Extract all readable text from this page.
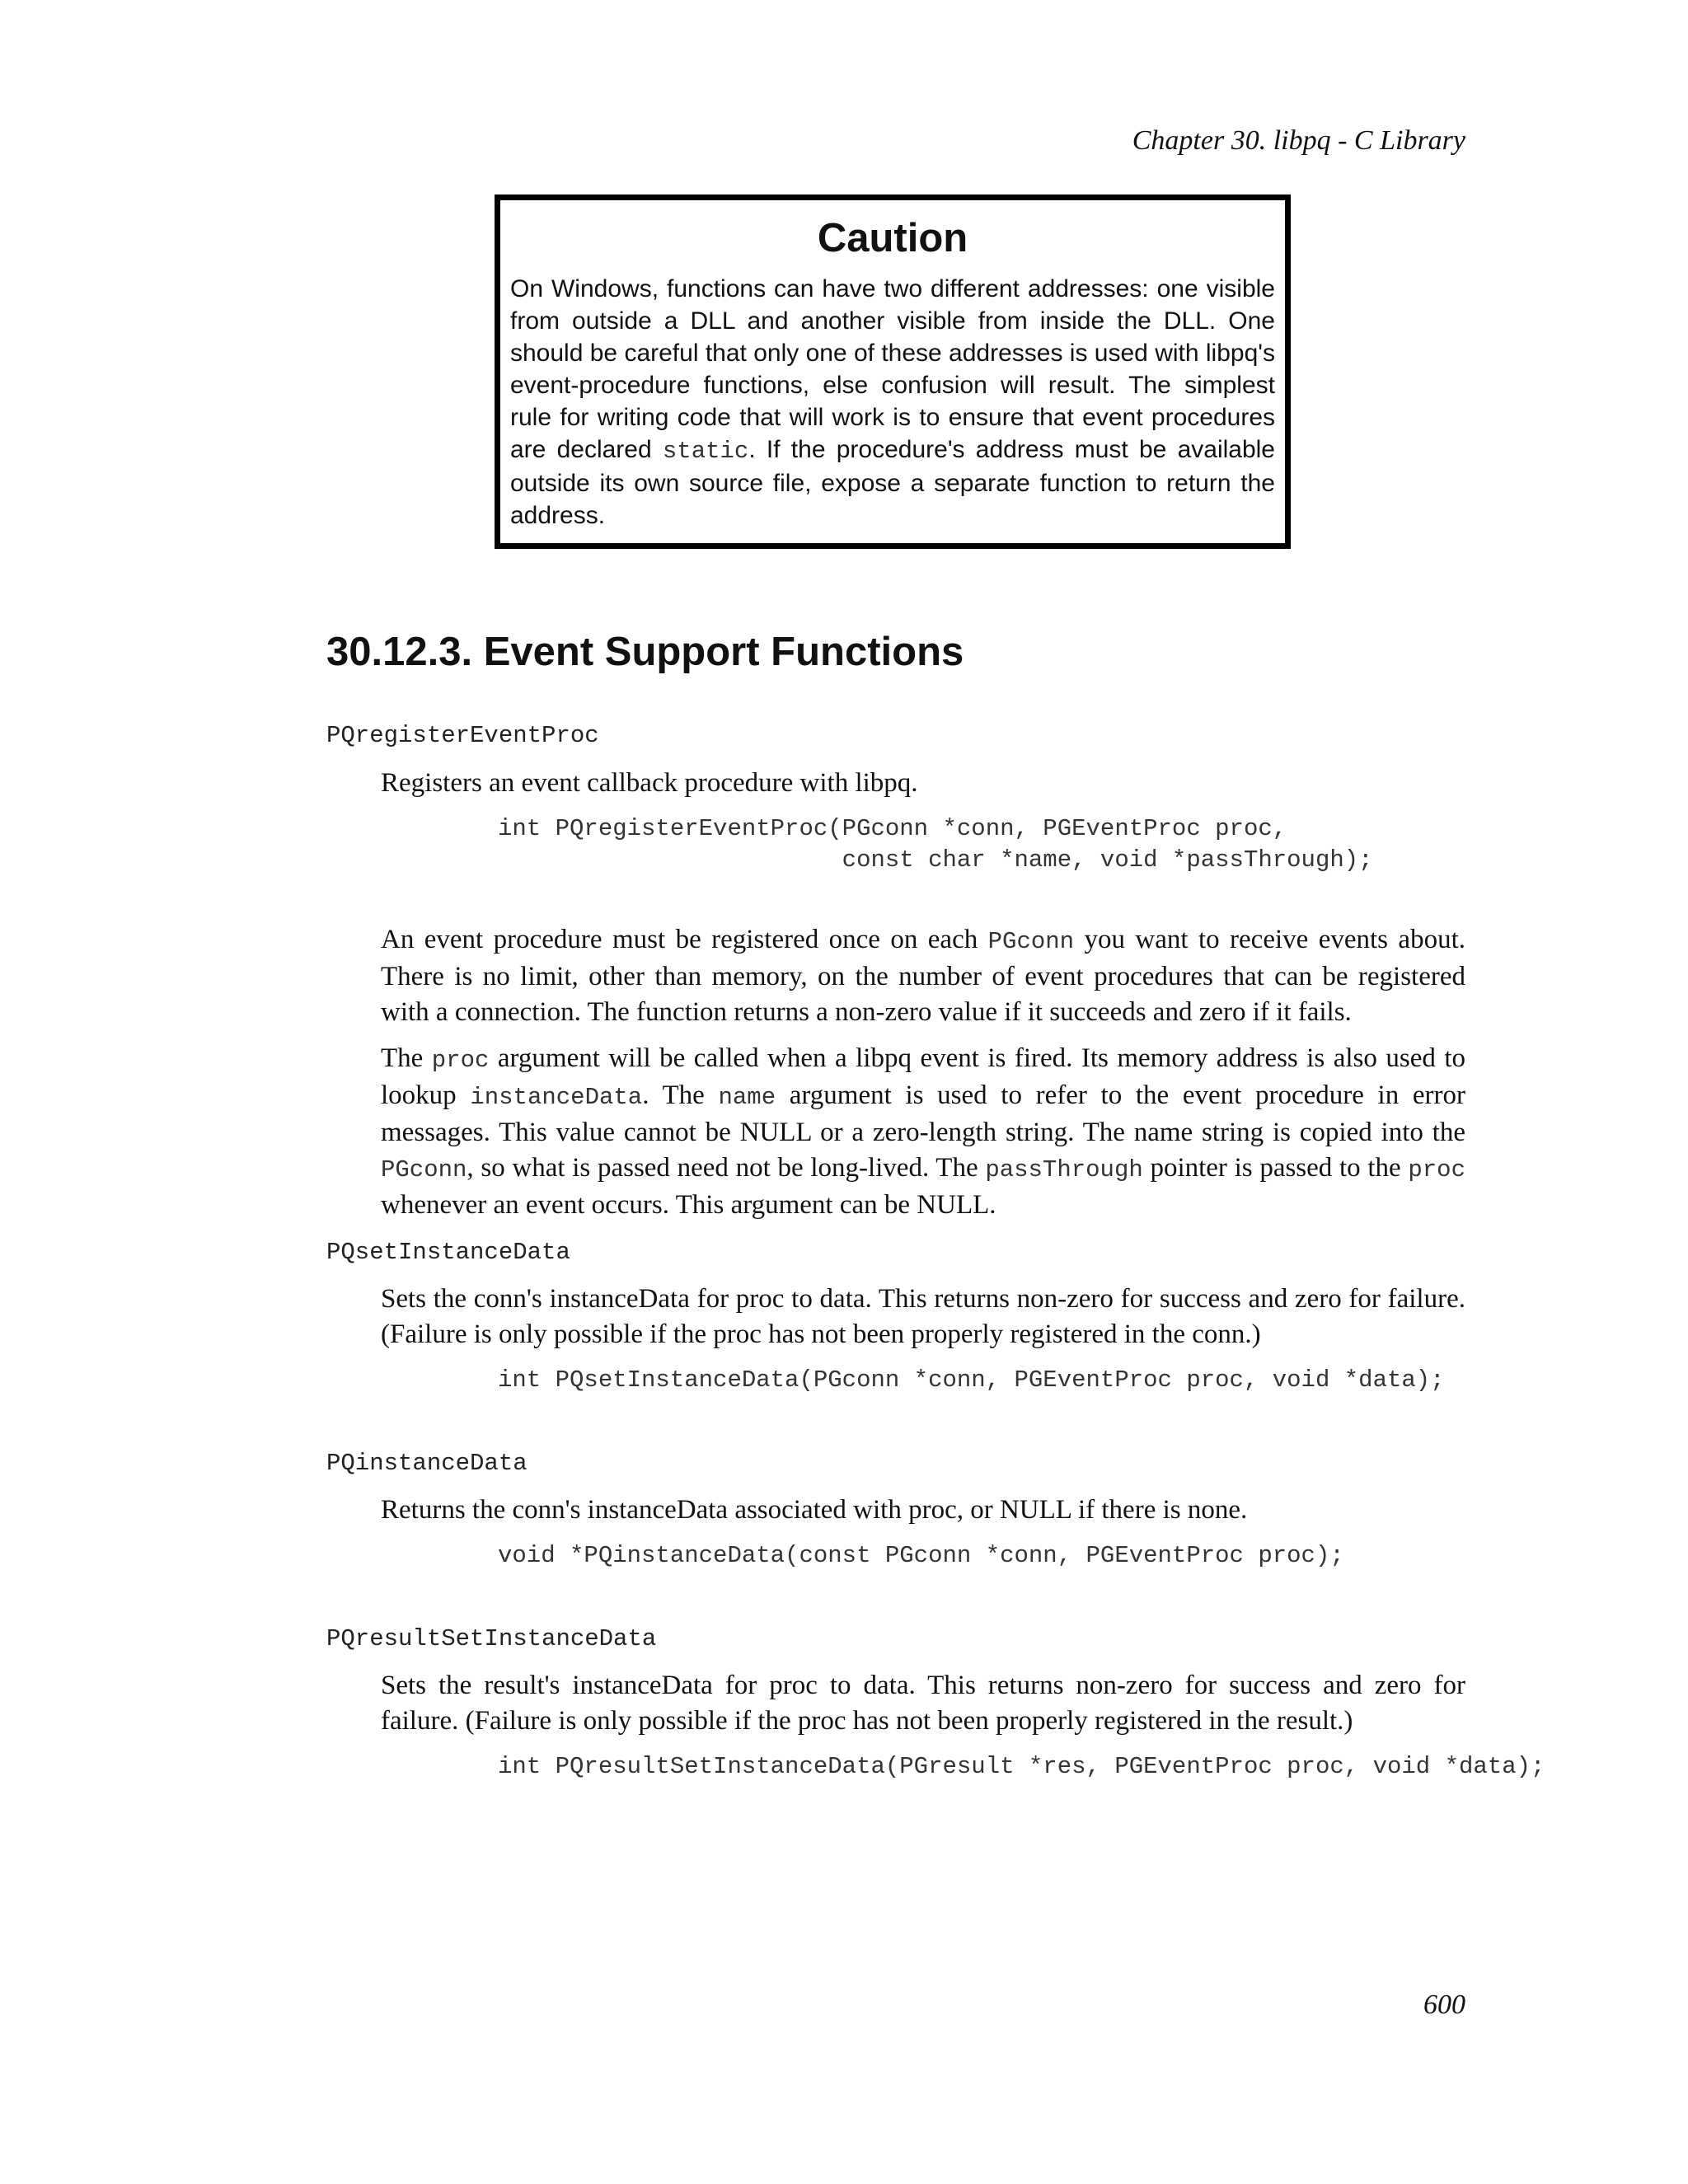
Chapter 30. libpq - C Library
Caution

On Windows, functions can have two different addresses: one visible from outside a DLL and another visible from inside the DLL. One should be careful that only one of these addresses is used with libpq's event-procedure functions, else confusion will result. The simplest rule for writing code that will work is to ensure that event procedures are declared static. If the procedure's address must be available outside its own source file, expose a separate function to return the address.

30.12.3. Event Support Functions
PQregisterEventProc

Registers an event callback procedure with libpq.

int PQregisterEventProc(PGconn *conn, PGEventProc proc,
const char *name, void *passThrough);

An event procedure must be registered once on each PGconn you want to receive events about. There is no limit, other than memory, on the number of event procedures that can be registered with a connection. The function returns a non-zero value if it succeeds and zero if it fails.

The proc argument will be called when a libpq event is fired. Its memory address is also used to lookup instanceData. The name argument is used to refer to the event procedure in error messages. This value cannot be NULL or a zero-length string. The name string is copied into the PGconn, so what is passed need not be long-lived. The passThrough pointer is passed to the proc whenever an event occurs. This argument can be NULL.

PQsetInstanceData

Sets the conn's instanceData for proc to data. This returns non-zero for success and zero for failure. (Failure is only possible if the proc has not been properly registered in the conn.)

int PQsetInstanceData(PGconn *conn, PGEventProc proc, void *data);
PQinstanceData

Returns the conn's instanceData associated with proc, or NULL if there is none.

void *PQinstanceData(const PGconn *conn, PGEventProc proc);
PQresultSetInstanceData

Sets the result's instanceData for proc to data. This returns non-zero for success and zero for failure. (Failure is only possible if the proc has not been properly registered in the result.)

int PQresultSetInstanceData(PGresult *res, PGEventProc proc, void *data);
600
